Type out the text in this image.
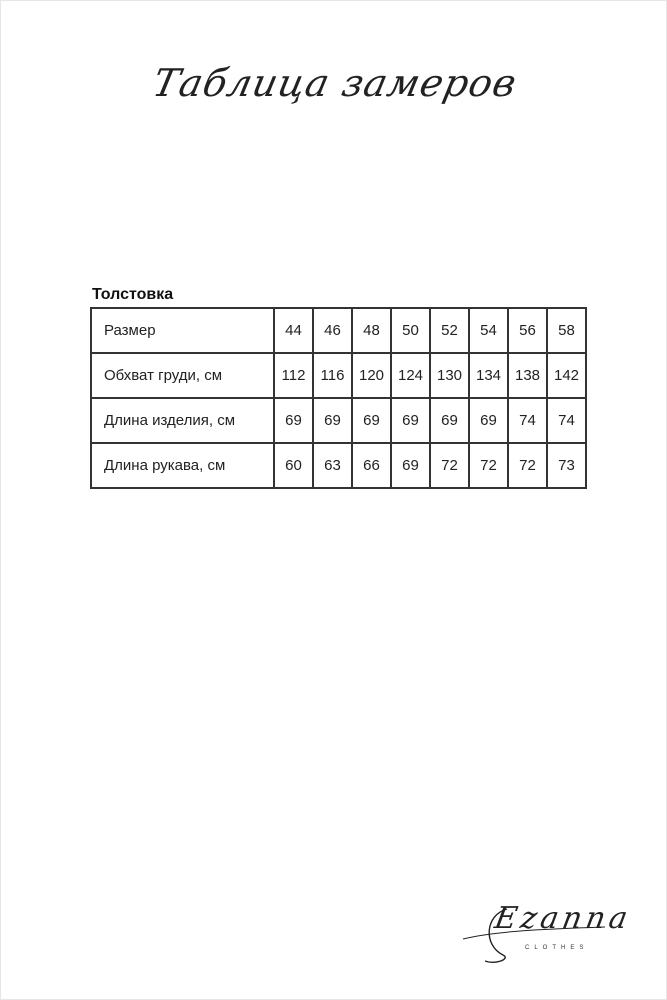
Таблица замеров
Толстовка
Размер	44	46	48	50	52	54	56	58
Обхват груди, см	112	116	120	124	130	134	138	142
Длина изделия, см	69	69	69	69	69	69	74	74
Длина рукава, см	60	63	66	69	72	72	72	73
Ezanna
CLOTHES
